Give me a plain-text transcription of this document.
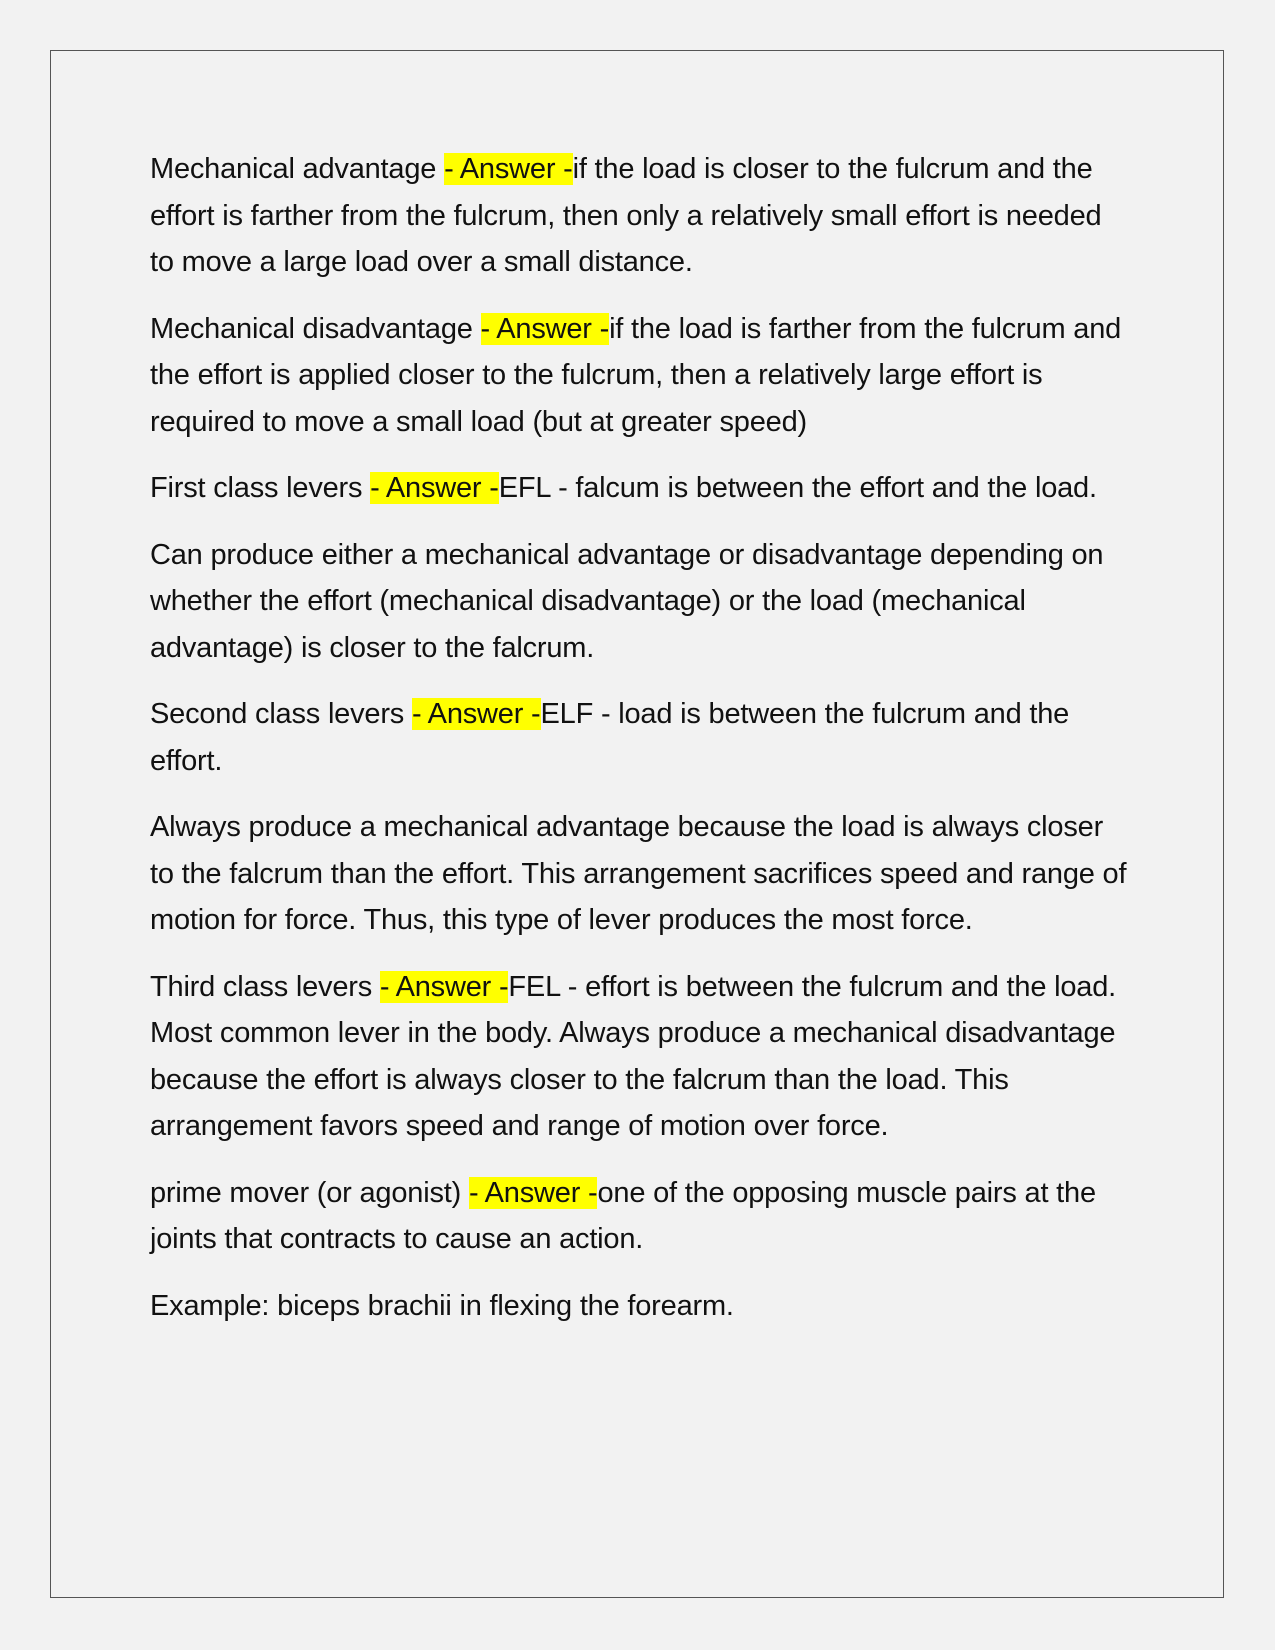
Mechanical advantage - Answer -if the load is closer to the fulcrum and the effort is farther from the fulcrum, then only a relatively small effort is needed to move a large load over a small distance.

Mechanical disadvantage - Answer -if the load is farther from the fulcrum and the effort is applied closer to the fulcrum, then a relatively large effort is required to move a small load (but at greater speed)

First class levers - Answer -EFL - falcum is between the effort and the load.

Can produce either a mechanical advantage or disadvantage depending on whether the effort (mechanical disadvantage) or the load (mechanical advantage) is closer to the falcrum.

Second class levers - Answer -ELF - load is between the fulcrum and the effort.

Always produce a mechanical advantage because the load is always closer to the falcrum than the effort. This arrangement sacrifices speed and range of motion for force. Thus, this type of lever produces the most force.

Third class levers - Answer -FEL - effort is between the fulcrum and the load. Most common lever in the body. Always produce a mechanical disadvantage because the effort is always closer to the falcrum than the load. This arrangement favors speed and range of motion over force.

prime mover (or agonist) - Answer -one of the opposing muscle pairs at the joints that contracts to cause an action.

Example: biceps brachii in flexing the forearm.
